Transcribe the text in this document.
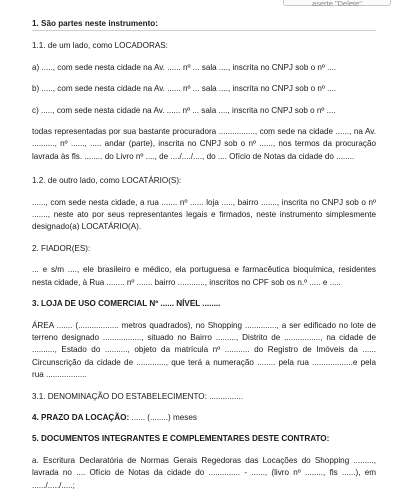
aserte "Delete"

1. São partes neste instrumento:

1.1. de um lado, como LOCADORAS:

a) ....., com sede nesta cidade na Av. ...... nº ... sala ...., inscrita no CNPJ sob o nº ....

b) ....., com sede nesta cidade na Av. ...... nº ... sala ...., inscrita no CNPJ sob o nº ....

c) ....., com sede nesta cidade na Av. ...... nº ... sala ...., inscrita no CNPJ sob o nº ....

todas representadas por sua bastante procuradora ................, com sede na cidade ......, na Av. .........., nº ......, ..... andar (parte), inscrita no CNPJ sob o nº ......, nos termos da procuração lavrada às fls. ........ do Livro nº ...., de ..../..../...., do .... Ofício de Notas da cidade do ........

1.2. de outro lado, como LOCATÁRIO(S):

......, com sede nesta cidade, a rua ....... nº ...... loja ....., bairro ......., inscrita no CNPJ sob o nº ......., neste ato por seus representantes legais e firmados, neste instrumento simplesmente designado(a) LOCATÁRIO(A).

2. FIADOR(ES):

... e s/m ...., ele brasileiro e médico, ela portuguesa e farmacêutica bioquímica, residentes nesta cidade, à Rua ........ nº ....... bairro ............, inscritos no CPF sob os n.º ..... e .....

3. LOJA DE USO COMERCIAL Nº ...... NÍVEL ........

ÁREA ....... (.................. metros quadrados), no Shopping .............., a ser edificado no lote de terreno designado ................., situado no Bairro ........., Distrito de ................, na cidade de .........., Estado do .........., objeto da matrícula nº ........... do Registro de Imóveis da ...... Circunscrição da cidade de ............., que terá a numeração ........ pela rua ..................e pela rua ..................

3.1. DENOMINAÇÃO DO ESTABELECIMENTO: ...............

4. PRAZO DA LOCAÇÃO: ...... (........) meses

5. DOCUMENTOS INTEGRANTES E COMPLEMENTARES DESTE CONTRATO:

a. Escritura Declaratória de Normas Gerais Regedoras das Locações do Shopping ........., lavrada no .... Ofício de Notas da cidade do .............. - ......, (livro nº ........, fls ......), em ....../...../.....;
